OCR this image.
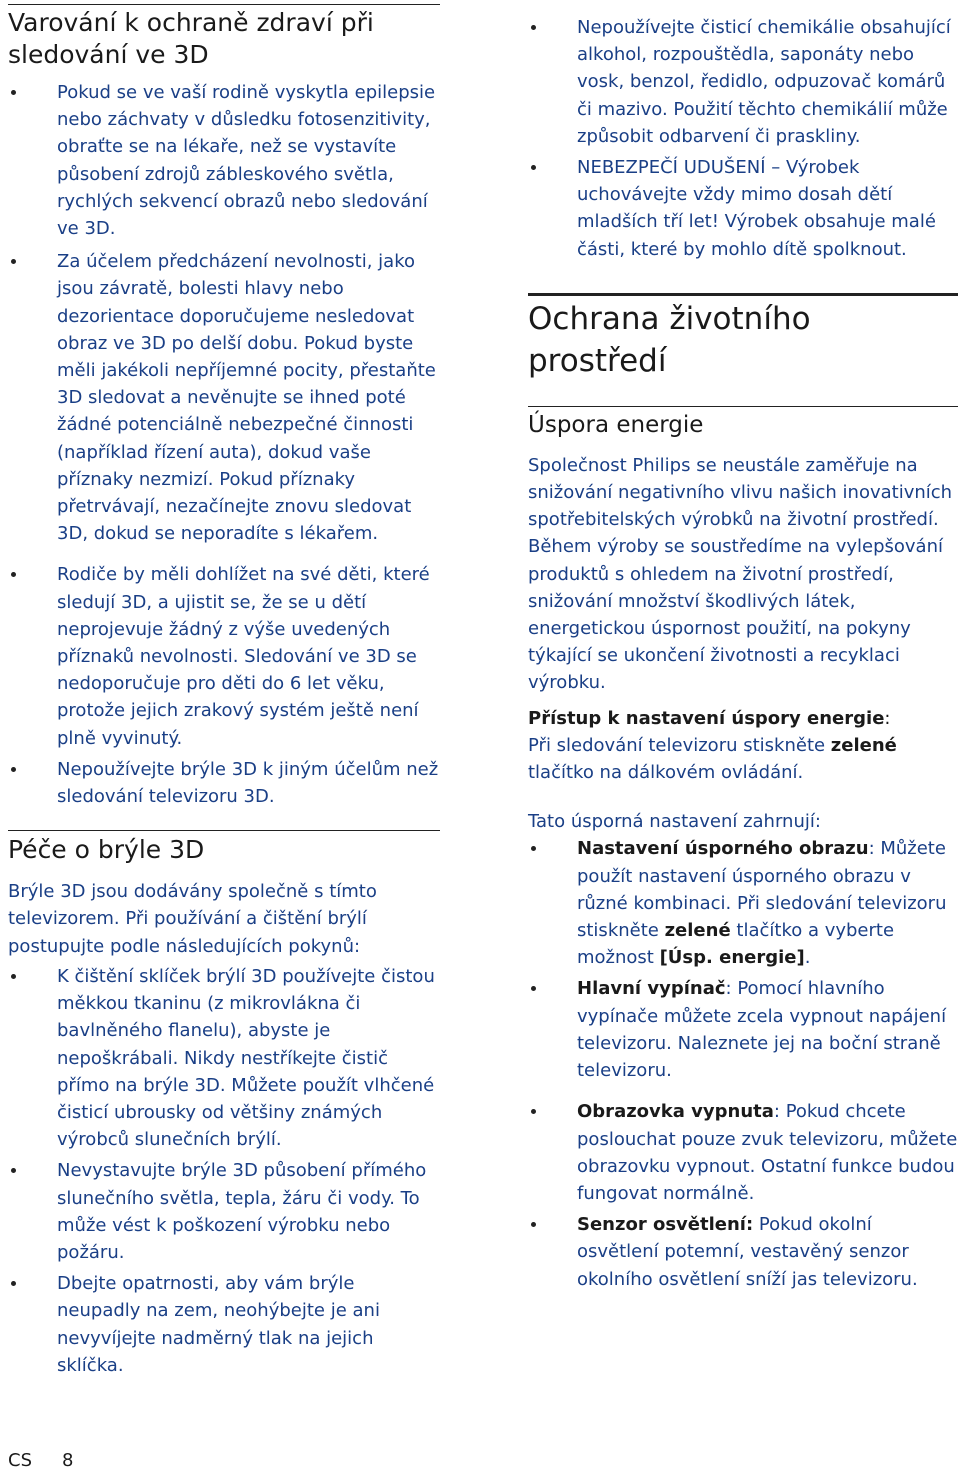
Varování k ochraně zdraví při
sledování ve 3D
Pokud se ve vaší rodině vyskytla epilepsie nebo záchvaty v důsledku fotosenzitivity, obraťte se na lékaře, než se vystavíte působení zdrojů zábleskového světla, rychlých sekvencí obrazů nebo sledování ve 3D.
Za účelem předcházení nevolnosti, jako jsou závratě, bolesti hlavy nebo dezorientace doporučujeme nesledovat obraz ve 3D po delší dobu. Pokud byste měli jakékoli nepříjemné pocity, přestaňte 3D sledovat a nevěnujte se ihned poté žádné potenciálně nebezpečné činnosti (například řízení auta), dokud vaše příznaky nezmizí. Pokud příznaky přetrvávají, nezačínejte znovu sledovat 3D, dokud se neporadíte s lékařem.
Rodiče by měli dohlížet na své děti, které sledují 3D, a ujistit se, že se u dětí neprojevuje žádný z výše uvedených příznaků nevolnosti. Sledování ve 3D se nedoporučuje pro děti do 6 let věku, protože jejich zrakový systém ještě není plně vyvinutý.
Nepoužívejte brýle 3D k jiným účelům než sledování televizoru 3D.
Péče o brýle 3D

Brýle 3D jsou dodávány společně s tímto televizorem. Při používání a čištění brýlí postupujte podle následujících pokynů:

K čištění sklíček brýlí 3D používejte čistou měkkou tkaninu (z mikrovlákna či bavlněného flanelu), abyste je nepoškrábali. Nikdy nestříkejte čistič přímo na brýle 3D. Můžete použít vlhčené čisticí ubrousky od většiny známých výrobců slunečních brýlí.
Nevystavujte brýle 3D působení přímého slunečního světla, tepla, žáru či vody. To může vést k poškození výrobku nebo požáru.
Dbejte opatrnosti, aby vám brýle neupadly na zem, neohýbejte je ani nevyvíjejte nadměrný tlak na jejich sklíčka.
Nepoužívejte čisticí chemikálie obsahující alkohol, rozpouštědla, saponáty nebo vosk, benzol, ředidlo, odpuzovač komárů či mazivo. Použití těchto chemikálií může způsobit odbarvení či praskliny.
NEBEZPEČÍ UDUŠENÍ – Výrobek uchovávejte vždy mimo dosah dětí mladších tří let! Výrobek obsahuje malé části, které by mohlo dítě spolknout.
Ochrana životního
prostředí
Úspora energie

Společnost Philips se neustále zaměřuje na snižování negativního vlivu našich inovativních spotřebitelských výrobků na životní prostředí. Během výroby se soustředíme na vylepšování produktů s ohledem na životní prostředí, snižování množství škodlivých látek, energetickou úspornost použití, na pokyny týkající se ukončení životnosti a recyklaci výrobku.

Přístup k nastavení úspory energie:
Při sledování televizoru stiskněte zelené
tlačítko na dálkovém ovládání.

Tato úsporná nastavení zahrnují:

Nastavení úsporného obrazu: Můžete použít nastavení úsporného obrazu v různé kombinaci. Při sledování televizoru stiskněte zelené tlačítko a vyberte možnost [Úsp. energie].
Hlavní vypínač: Pomocí hlavního vypínače můžete zcela vypnout napájení televizoru. Naleznete jej na boční straně televizoru.
Obrazovka vypnuta: Pokud chcete poslouchat pouze zvuk televizoru, můžete obrazovku vypnout. Ostatní funkce budou fungovat normálně.
Senzor osvětlení: Pokud okolní osvětlení potemní, vestavěný senzor okolního osvětlení sníží jas televizoru.
CS 8
